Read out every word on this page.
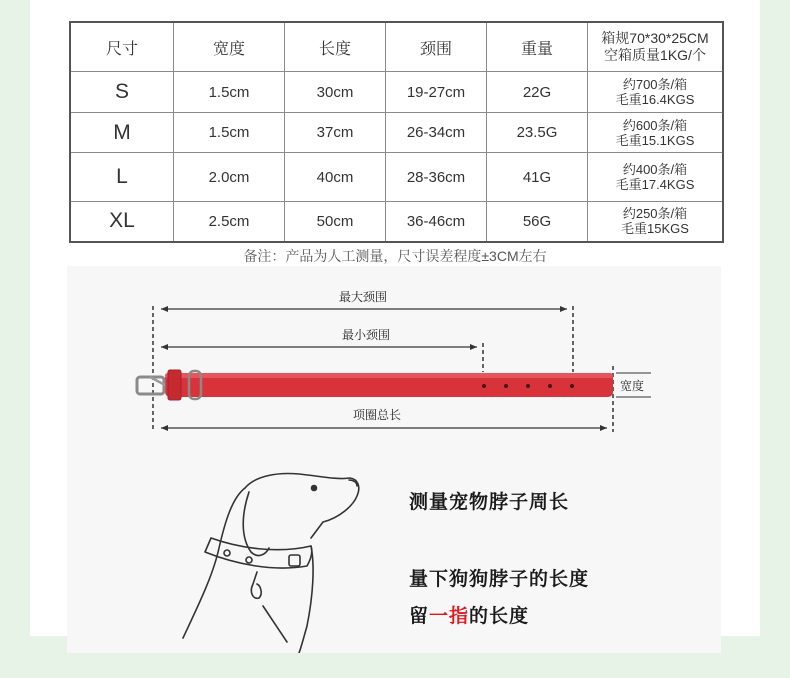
尺寸	宽度	长度	颈围	重量	箱规70*30*25CM
空箱质量1KG/个

S	1.5cm	30cm	19-27cm	22G	约700条/箱
毛重16.4KGS

M	1.5cm	37cm	26-34cm	23.5G	约600条/箱
毛重15.1KGS

L	2.0cm	40cm	28-36cm	41G	约400条/箱
毛重17.4KGS

XL	2.5cm	50cm	36-46cm	56G	约250条/箱
毛重15KGS
备注：产品为人工测量，尺寸误差程度±3CM左右
最大颈围
最小颈围
宽度
项圈总长
测量宠物脖子周长
量下狗狗脖子的长度
留一指的长度
